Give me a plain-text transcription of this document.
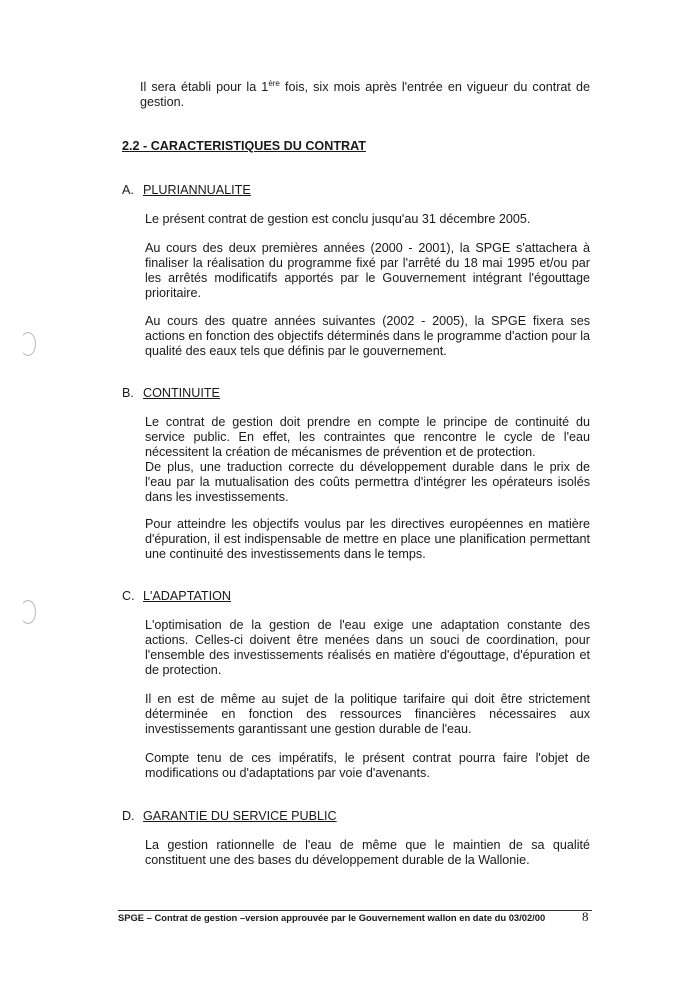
Il sera établi pour la 1ère fois, six mois après l'entrée en vigueur du contrat de gestion.

2.2 - CARACTERISTIQUES DU CONTRAT

A. PLURIANNUALITE

Le présent contrat de gestion est conclu jusqu'au 31 décembre 2005.

Au cours des deux premières années (2000 - 2001), la SPGE s'attachera à finaliser la réalisation du programme fixé par l'arrêté du 18 mai 1995 et/ou par les arrêtés modificatifs apportés par le Gouvernement intégrant l'égouttage prioritaire.

Au cours des quatre années suivantes (2002 - 2005), la SPGE fixera ses actions en fonction des objectifs déterminés dans le programme d'action pour la qualité des eaux tels que définis par le gouvernement.

B. CONTINUITE

Le contrat de gestion doit prendre en compte le principe de continuité du service public. En effet, les contraintes que rencontre le cycle de l'eau nécessitent la création de mécanismes de prévention et de protection.

De plus, une traduction correcte du développement durable dans le prix de l'eau par la mutualisation des coûts permettra d'intégrer les opérateurs isolés dans les investissements.

Pour atteindre les objectifs voulus par les directives européennes en matière d'épuration, il est indispensable de mettre en place une planification permettant une continuité des investissements dans le temps.

C. L'ADAPTATION

L'optimisation de la gestion de l'eau exige une adaptation constante des actions. Celles-ci doivent être menées dans un souci de coordination, pour l'ensemble des investissements réalisés en matière d'égouttage, d'épuration et de protection.

Il en est de même au sujet de la politique tarifaire qui doit être strictement déterminée en fonction des ressources financières nécessaires aux investissements garantissant une gestion durable de l'eau.

Compte tenu de ces impératifs, le présent contrat pourra faire l'objet de modifications ou d'adaptations par voie d'avenants.

D. GARANTIE DU SERVICE PUBLIC

La gestion rationnelle de l'eau de même que le maintien de sa qualité constituent une des bases du développement durable de la Wallonie.

SPGE – Contrat de gestion –version approuvée par le Gouvernement wallon en date du 03/02/00	8
